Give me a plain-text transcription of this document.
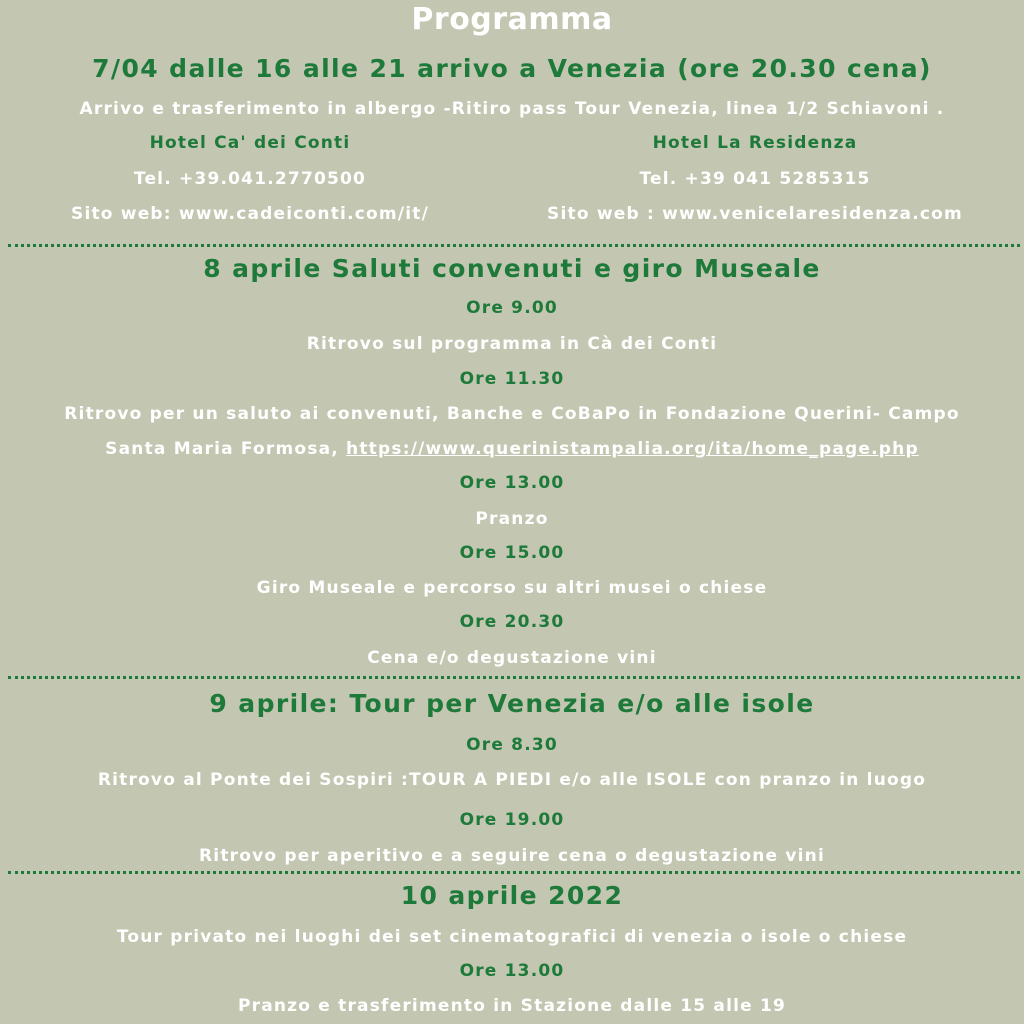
Programma
7/04 dalle 16 alle 21 arrivo a Venezia (ore 20.30 cena)
Arrivo e trasferimento in albergo -Ritiro pass Tour Venezia, linea 1/2 Schiavoni .
Hotel Ca' dei Conti
Tel. +39.041.2770500
Sito web: www.cadeiconti.com/it/
Hotel La Residenza
Tel. +39 041 5285315
Sito web : www.venicelaresidenza.com
8 aprile Saluti convenuti e giro Museale
Ore 9.00
Ritrovo sul programma in Cà dei Conti
Ore 11.30
Ritrovo per un saluto ai convenuti, Banche e CoBaPo in Fondazione Querini- Campo
Santa Maria Formosa, https://www.querinistampalia.org/ita/home_page.php
Ore 13.00
Pranzo
Ore 15.00
Giro Museale e percorso su altri musei o chiese
Ore 20.30
Cena e/o degustazione vini
9 aprile: Tour per Venezia e/o alle isole
Ore 8.30
Ritrovo al Ponte dei Sospiri :TOUR A PIEDI e/o alle ISOLE con pranzo in luogo
Ore 19.00
Ritrovo per aperitivo e a seguire cena o degustazione vini
10 aprile 2022
Tour privato nei luoghi dei set cinematografici di venezia o isole o chiese
Ore 13.00
Pranzo e trasferimento in Stazione dalle 15 alle 19
